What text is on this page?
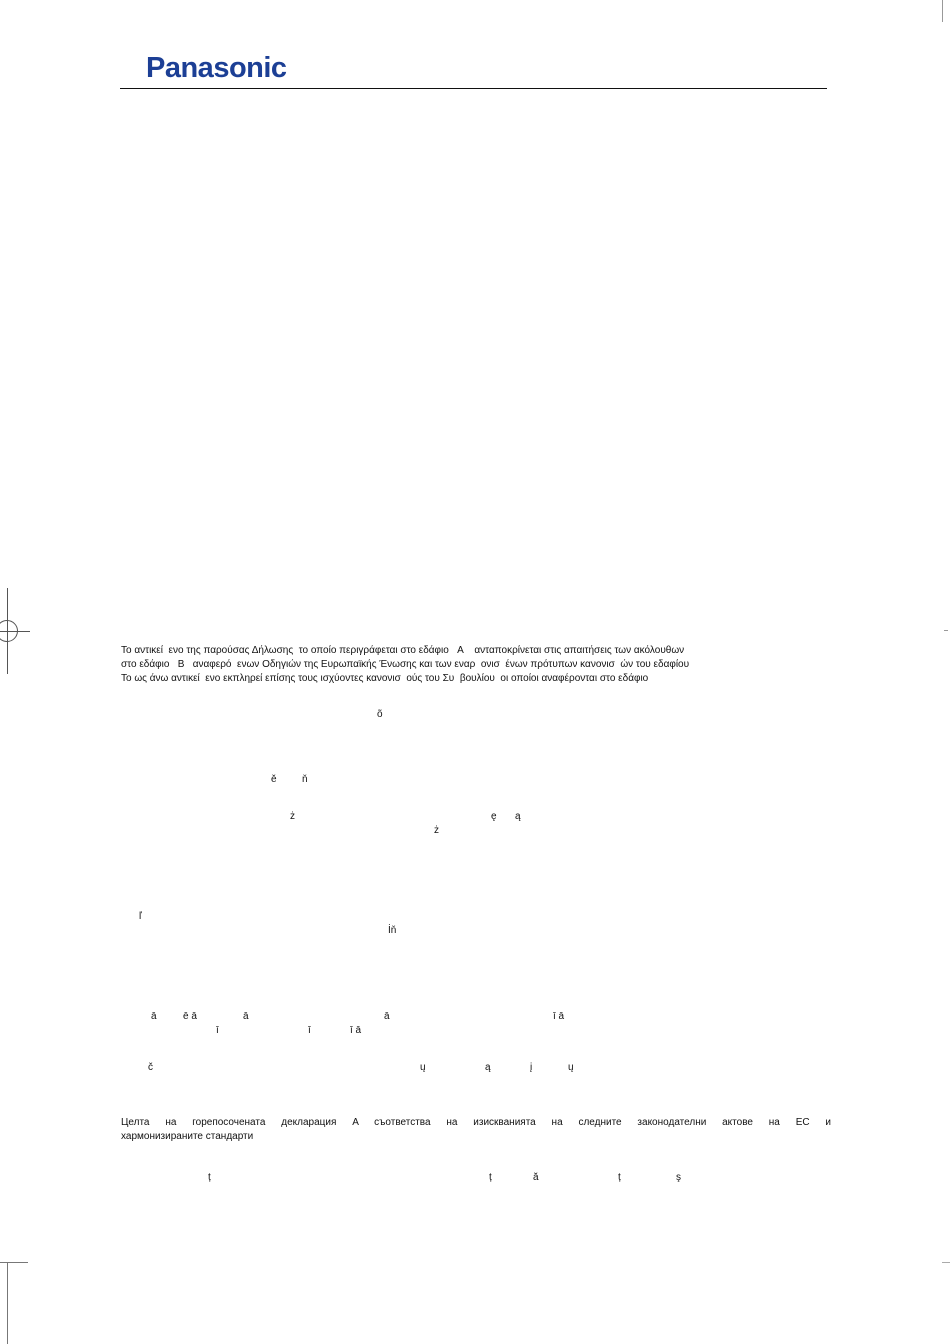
Panasonic
Το αντικεί  ενο της παρούσας Δήλωσης  το οποίο περιγράφεται στο εδάφιο   A    ανταποκρίνεται στις απαιτήσεις των ακόλουθων
στο εδάφιο   B   αναφερό  ενων Οδηγιών της Ευρωπαϊκής Ένωσης και των εναρ  ονισ  ένων πρότυπων κανονισ  ών του εδαφίου
Το ως άνω αντικεί  ενο εκπληρεί επίσης τους ισχύοντες κανονισ  ούς του Συ  βουλίου  οι οποίοι αναφέρονται στο εδάφιο
õ
ě	ň
ż	ę ą
ż
ľ
İň
ā	ē ā	ā	ā	ī ā
ī	ī	ī ā
č	ų	ą	į	ų
Целта на горепосочената декларация A съответства на изискванията на следните законодателни актове на ЕС и
хармонизираните стандарти
ț	ț	ă	ț	ş
